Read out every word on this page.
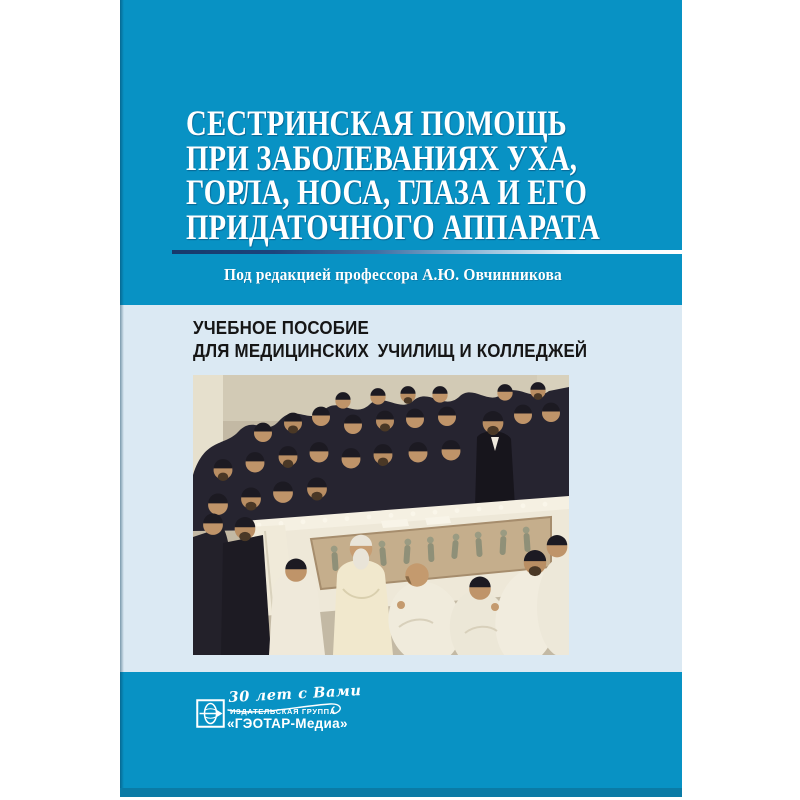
СЕСТРИНСКАЯ ПОМОЩЬ
ПРИ ЗАБОЛЕВАНИЯХ УХА,
ГОРЛА, НОСА, ГЛАЗА И ЕГО
ПРИДАТОЧНОГО АППАРАТА
Под редакцией профессора А.Ю. Овчинникова
УЧЕБНОЕ ПОСОБИЕ
ДЛЯ МЕДИЦИНСКИХ УЧИЛИЩ И КОЛЛЕДЖЕЙ
30 лет с Вами
ИЗДАТЕЛЬСКАЯ ГРУППА
«ГЭОТАР-Медиа»
